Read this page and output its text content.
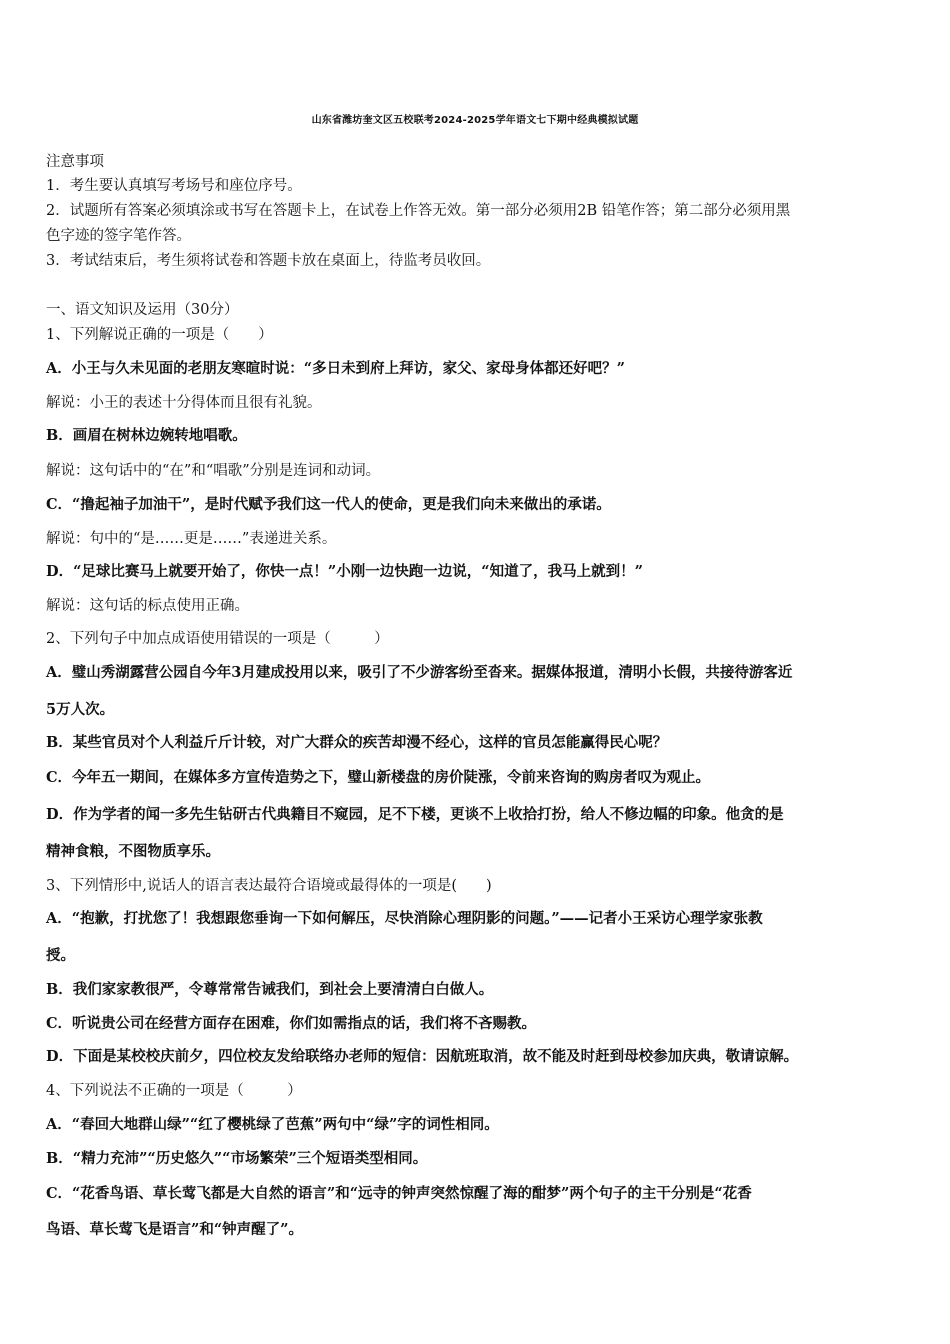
山东省潍坊奎文区五校联考2024-2025学年语文七下期中经典模拟试题
注意事项
1．考生要认真填写考场号和座位序号。
2．试题所有答案必须填涂或书写在答题卡上，在试卷上作答无效。第一部分必须用2B 铅笔作答；第二部分必须用黑
色字迹的签字笔作答。
3．考试结束后，考生须将试卷和答题卡放在桌面上，待监考员收回。
一、语文知识及运用（30分）
1、下列解说正确的一项是（　　）
A．小王与久未见面的老朋友寒暄时说：“多日未到府上拜访，家父、家母身体都还好吧？”
解说：小王的表述十分得体而且很有礼貌。
B．画眉在树林边婉转地唱歌。
解说：这句话中的“在”和“唱歌”分别是连词和动词。
C．“撸起袖子加油干”，是时代赋予我们这一代人的使命，更是我们向未来做出的承诺。
解说：句中的“是……更是……”表递进关系。
D．“足球比赛马上就要开始了，你快一点！”小刚一边快跑一边说，“知道了，我马上就到！”
解说：这句话的标点使用正确。
2、下列句子中加点成语使用错误的一项是（　　　）
A．璧山秀湖露营公园自今年3月建成投用以来，吸引了不少游客纷至沓来。据媒体报道，清明小长假，共接待游客近
5万人次。
B．某些官员对个人利益斤斤计较，对广大群众的疾苦却漫不经心，这样的官员怎能赢得民心呢？
C．今年五一期间，在媒体多方宣传造势之下，璧山新楼盘的房价陡涨，令前来咨询的购房者叹为观止。
D．作为学者的闻一多先生钻研古代典籍目不窥园，足不下楼，更谈不上收拾打扮，给人不修边幅的印象。他贪的是
精神食粮，不图物质享乐。
3、下列情形中,说话人的语言表达最符合语境或最得体的一项是(　　)
A．“抱歉，打扰您了！我想跟您垂询一下如何解压，尽快消除心理阴影的问题。”——记者小王采访心理学家张教
授。
B．我们家家教很严，令尊常常告诫我们，到社会上要清清白白做人。
C．听说贵公司在经营方面存在困难，你们如需指点的话，我们将不吝赐教。
D．下面是某校校庆前夕，四位校友发给联络办老师的短信：因航班取消，故不能及时赶到母校参加庆典，敬请谅解。
4、下列说法不正确的一项是（　　　）
A．“春回大地群山绿”“红了樱桃绿了芭蕉”两句中“绿”字的词性相同。
B．“精力充沛”“历史悠久”“市场繁荣”三个短语类型相同。
C．“花香鸟语、草长莺飞都是大自然的语言”和“远寺的钟声突然惊醒了海的酣梦”两个句子的主干分别是“花香
鸟语、草长莺飞是语言”和“钟声醒了”。
